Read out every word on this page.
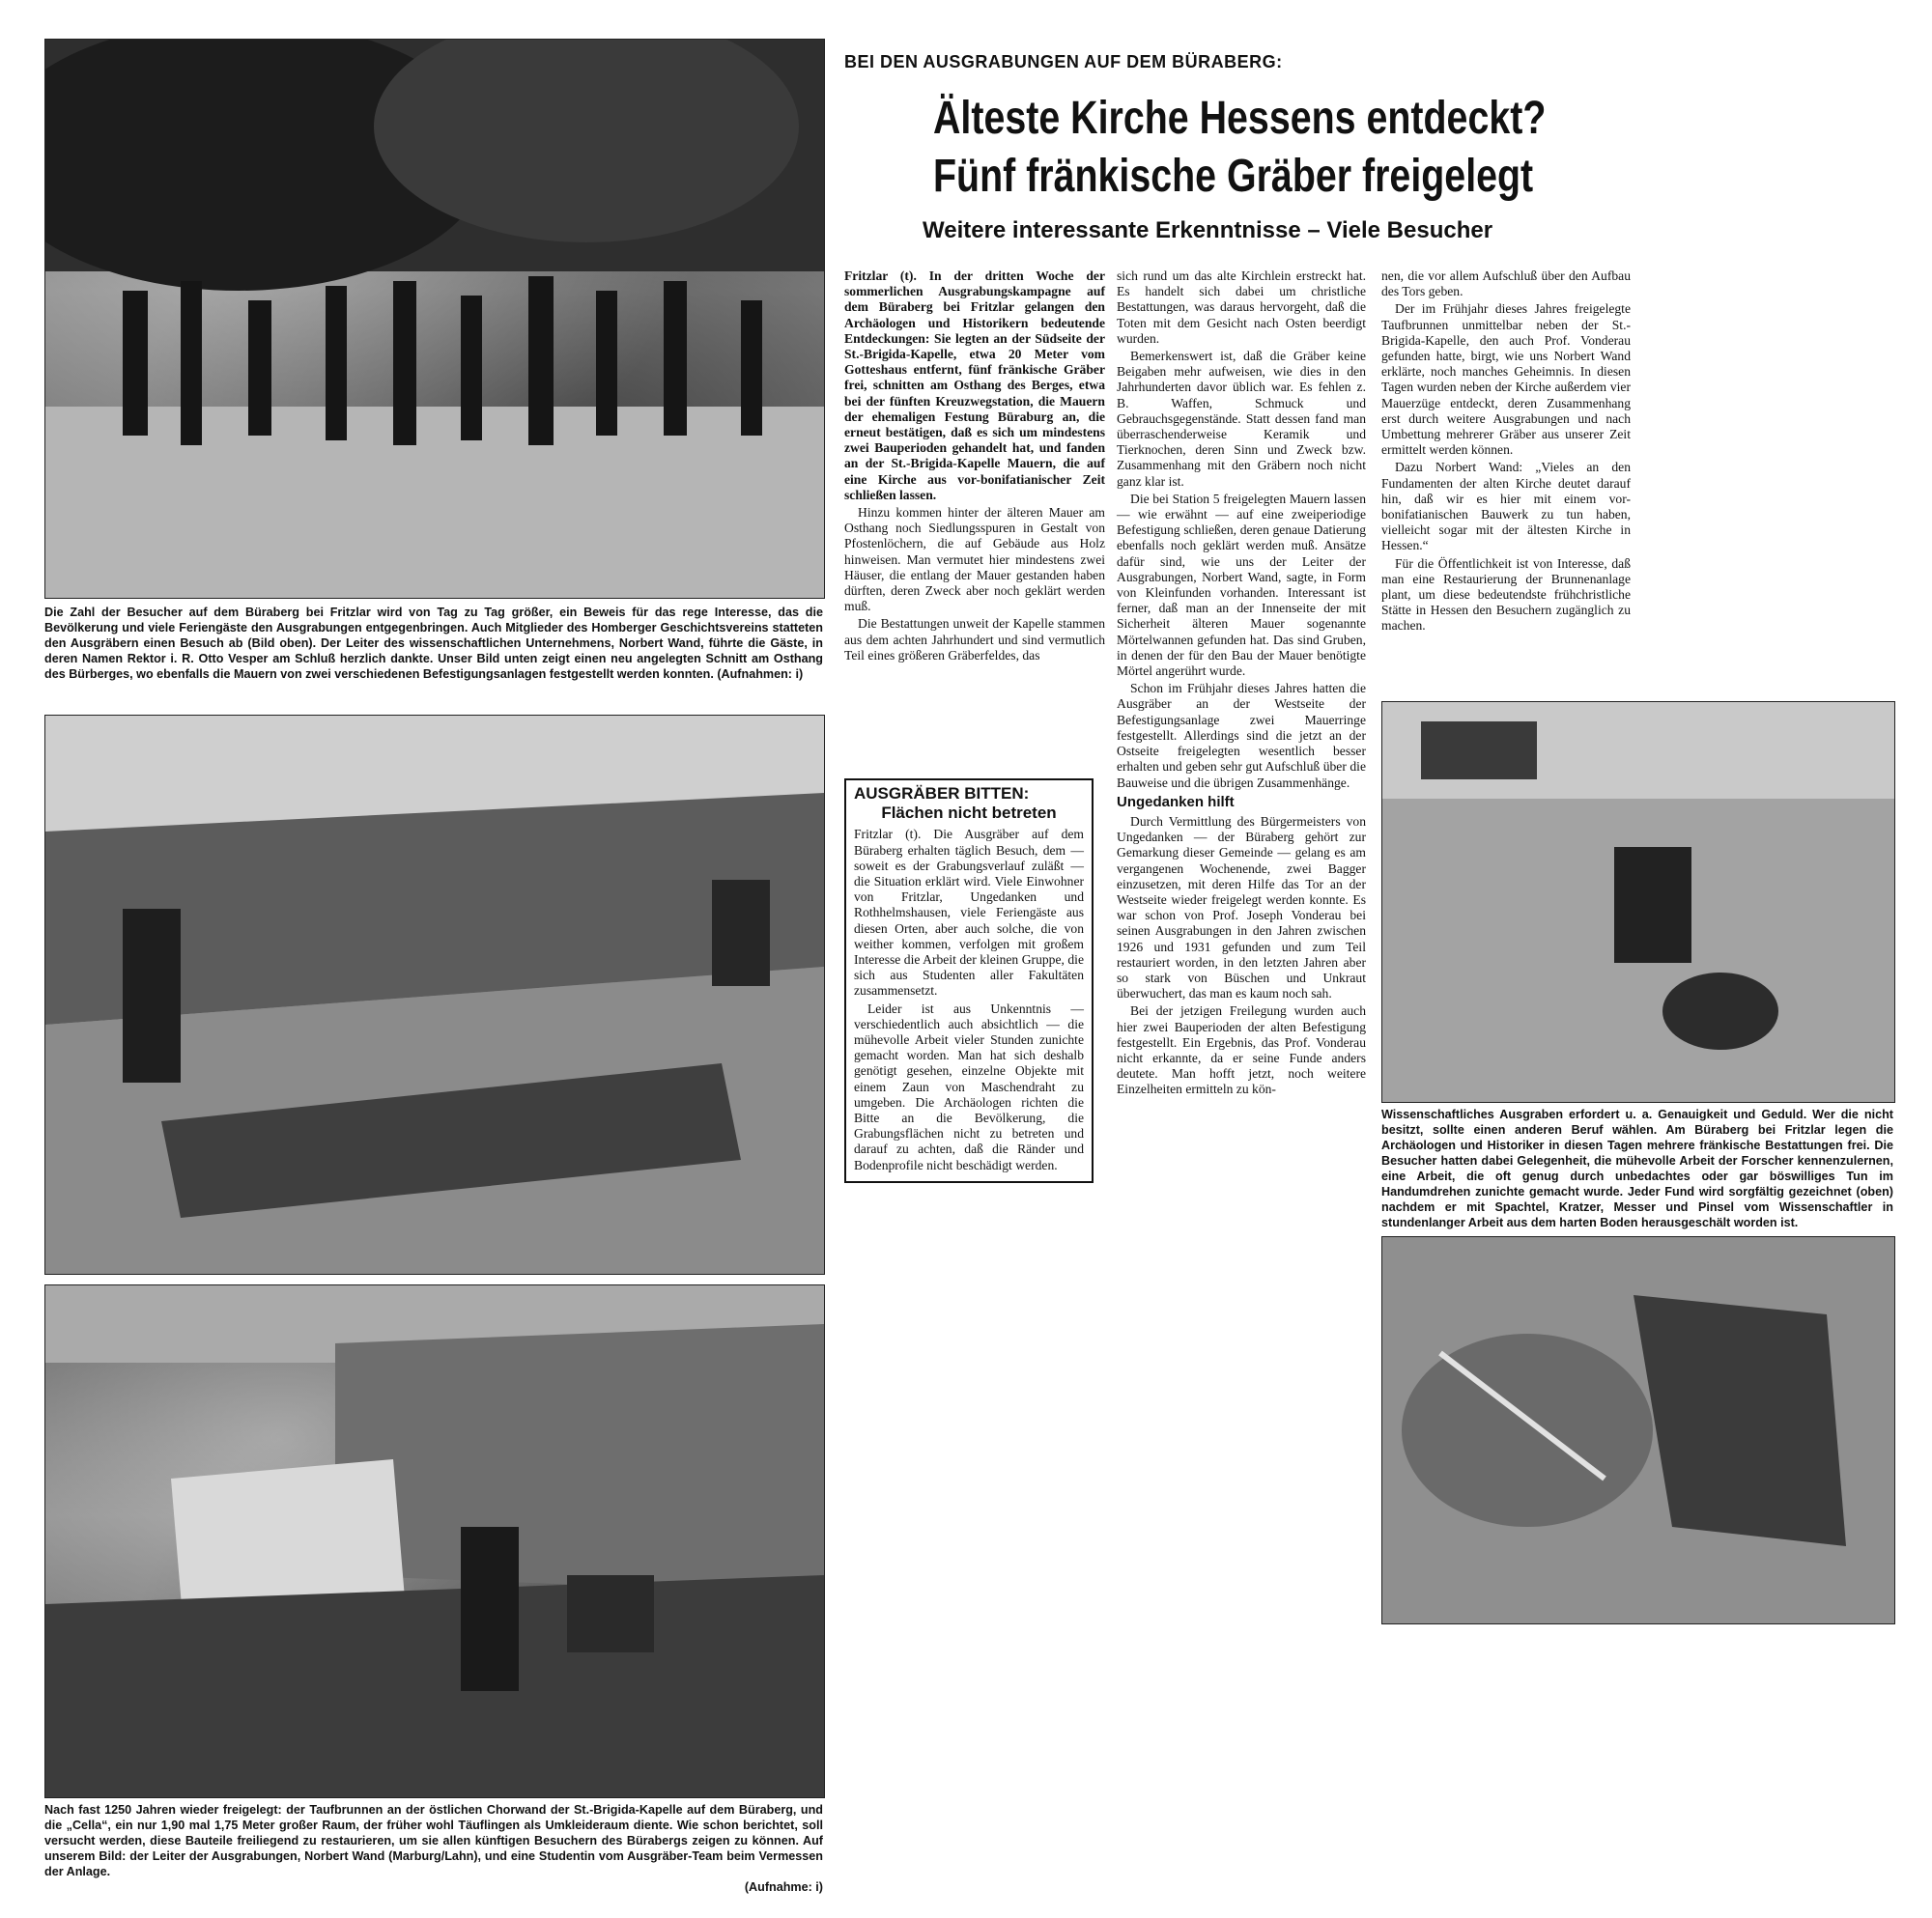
Die Zahl der Besucher auf dem Büraberg bei Fritzlar wird von Tag zu Tag größer, ein Beweis für das rege Interesse, das die Bevölkerung und viele Feriengäste den Ausgrabungen entgegenbringen. Auch Mitglieder des Homberger Geschichtsvereins statteten den Ausgräbern einen Besuch ab (Bild oben). Der Leiter des wissenschaftlichen Unternehmens, Norbert Wand, führte die Gäste, in deren Namen Rektor i. R. Otto Vesper am Schluß herzlich dankte. Unser Bild unten zeigt einen neu angelegten Schnitt am Osthang des Bürberges, wo ebenfalls die Mauern von zwei verschiedenen Befestigungsanlagen festgestellt werden konnten. (Aufnahmen: i)
Nach fast 1250 Jahren wieder freigelegt: der Taufbrunnen an der östlichen Chorwand der St.-Brigida-Kapelle auf dem Büraberg, und die „Cella“, ein nur 1,90 mal 1,75 Meter großer Raum, der früher wohl Täuflingen als Umkleideraum diente. Wie schon berichtet, soll versucht werden, diese Bauteile freiliegend zu restaurieren, um sie allen künftigen Besuchern des Bürabergs zeigen zu können. Auf unserem Bild: der Leiter der Ausgrabungen, Norbert Wand (Marburg/Lahn), und eine Studentin vom Ausgräber-Team beim Vermessen der Anlage.
(Aufnahme: i)
Wissenschaftliches Ausgraben erfordert u. a. Genauigkeit und Geduld. Wer die nicht besitzt, sollte einen anderen Beruf wählen. Am Büraberg bei Fritzlar legen die Archäologen und Historiker in diesen Tagen mehrere fränkische Bestattungen frei. Die Besucher hatten dabei Gelegenheit, die mühevolle Arbeit der Forscher kennenzulernen, eine Arbeit, die oft genug durch unbedachtes oder gar böswilliges Tun im Handumdrehen zunichte gemacht wurde. Jeder Fund wird sorgfältig gezeichnet (oben) nachdem er mit Spachtel, Kratzer, Messer und Pinsel vom Wissenschaftler in stundenlanger Arbeit aus dem harten Boden herausgeschält worden ist.
BEI DEN AUSGRABUNGEN AUF DEM BÜRABERG:
Älteste Kirche Hessens entdeckt?
Fünf fränkische Gräber freigelegt
Weitere interessante Erkenntnisse – Viele Besucher

Fritzlar (t). In der dritten Woche der sommerlichen Ausgrabungskampagne auf dem Büraberg bei Fritzlar gelangen den Archäologen und Historikern bedeutende Entdeckungen: Sie legten an der Südseite der St.-Brigida-Kapelle, etwa 20 Meter vom Gotteshaus entfernt, fünf fränkische Gräber frei, schnitten am Osthang des Berges, etwa bei der fünften Kreuzwegstation, die Mauern der ehemaligen Festung Büraburg an, die erneut bestätigen, daß es sich um mindestens zwei Bauperioden gehandelt hat, und fanden an der St.-Brigida-Kapelle Mauern, die auf eine Kirche aus vor-bonifatianischer Zeit schließen lassen.

Hinzu kommen hinter der älteren Mauer am Osthang noch Siedlungsspuren in Gestalt von Pfostenlöchern, die auf Gebäude aus Holz hinweisen. Man vermutet hier mindestens zwei Häuser, die entlang der Mauer gestanden haben dürften, deren Zweck aber noch geklärt werden muß.

Die Bestattungen unweit der Kapelle stammen aus dem achten Jahrhundert und sind vermutlich Teil eines größeren Gräberfeldes, das

AUSGRÄBER BITTEN:
Flächen nicht betreten

Fritzlar (t). Die Ausgräber auf dem Büraberg erhalten täglich Besuch, dem — soweit es der Grabungsverlauf zuläßt — die Situation erklärt wird. Viele Einwohner von Fritzlar, Ungedanken und Rothhelmshausen, viele Feriengäste aus diesen Orten, aber auch solche, die von weither kommen, verfolgen mit großem Interesse die Arbeit der kleinen Gruppe, die sich aus Studenten aller Fakultäten zusammensetzt.

Leider ist aus Unkenntnis — verschiedentlich auch absichtlich — die mühevolle Arbeit vieler Stunden zunichte gemacht worden. Man hat sich deshalb genötigt gesehen, einzelne Objekte mit einem Zaun von Maschendraht zu umgeben. Die Archäologen richten die Bitte an die Bevölkerung, die Grabungsflächen nicht zu betreten und darauf zu achten, daß die Ränder und Bodenprofile nicht beschädigt werden.

sich rund um das alte Kirchlein erstreckt hat. Es handelt sich dabei um christliche Bestattungen, was daraus hervorgeht, daß die Toten mit dem Gesicht nach Osten beerdigt wurden.

Bemerkenswert ist, daß die Gräber keine Beigaben mehr aufweisen, wie dies in den Jahrhunderten davor üblich war. Es fehlen z. B. Waffen, Schmuck und Gebrauchsgegenstände. Statt dessen fand man überraschenderweise Keramik und Tierknochen, deren Sinn und Zweck bzw. Zusammenhang mit den Gräbern noch nicht ganz klar ist.

Die bei Station 5 freigelegten Mauern lassen — wie erwähnt — auf eine zweiperiodige Befestigung schließen, deren genaue Datierung ebenfalls noch geklärt werden muß. Ansätze dafür sind, wie uns der Leiter der Ausgrabungen, Norbert Wand, sagte, in Form von Kleinfunden vorhanden. Interessant ist ferner, daß man an der Innenseite der mit Sicherheit älteren Mauer sogenannte Mörtelwannen gefunden hat. Das sind Gruben, in denen der für den Bau der Mauer benötigte Mörtel angerührt wurde.

Schon im Frühjahr dieses Jahres hatten die Ausgräber an der Westseite der Befestigungsanlage zwei Mauerringe festgestellt. Allerdings sind die jetzt an der Ostseite freigelegten wesentlich besser erhalten und geben sehr gut Aufschluß über die Bauweise und die übrigen Zusammenhänge.

Ungedanken hilft

Durch Vermittlung des Bürgermeisters von Ungedanken — der Büraberg gehört zur Gemarkung dieser Gemeinde — gelang es am vergangenen Wochenende, zwei Bagger einzusetzen, mit deren Hilfe das Tor an der Westseite wieder freigelegt werden konnte. Es war schon von Prof. Joseph Vonderau bei seinen Ausgrabungen in den Jahren zwischen 1926 und 1931 gefunden und zum Teil restauriert worden, in den letzten Jahren aber so stark von Büschen und Unkraut überwuchert, das man es kaum noch sah.

Bei der jetzigen Freilegung wurden auch hier zwei Bauperioden der alten Befestigung festgestellt. Ein Ergebnis, das Prof. Vonderau nicht erkannte, da er seine Funde anders deutete. Man hofft jetzt, noch weitere Einzelheiten ermitteln zu kön-

nen, die vor allem Aufschluß über den Aufbau des Tors geben.

Der im Frühjahr dieses Jahres freigelegte Taufbrunnen unmittelbar neben der St.-Brigida-Kapelle, den auch Prof. Vonderau gefunden hatte, birgt, wie uns Norbert Wand erklärte, noch manches Geheimnis. In diesen Tagen wurden neben der Kirche außerdem vier Mauerzüge entdeckt, deren Zusammenhang erst durch weitere Ausgrabungen und nach Umbettung mehrerer Gräber aus unserer Zeit ermittelt werden können.

Dazu Norbert Wand: „Vieles an den Fundamenten der alten Kirche deutet darauf hin, daß wir es hier mit einem vor-bonifatianischen Bauwerk zu tun haben, vielleicht sogar mit der ältesten Kirche in Hessen.“

Für die Öffentlichkeit ist von Interesse, daß man eine Restaurierung der Brunnenanlage plant, um diese bedeutendste frühchristliche Stätte in Hessen den Besuchern zugänglich zu machen.
